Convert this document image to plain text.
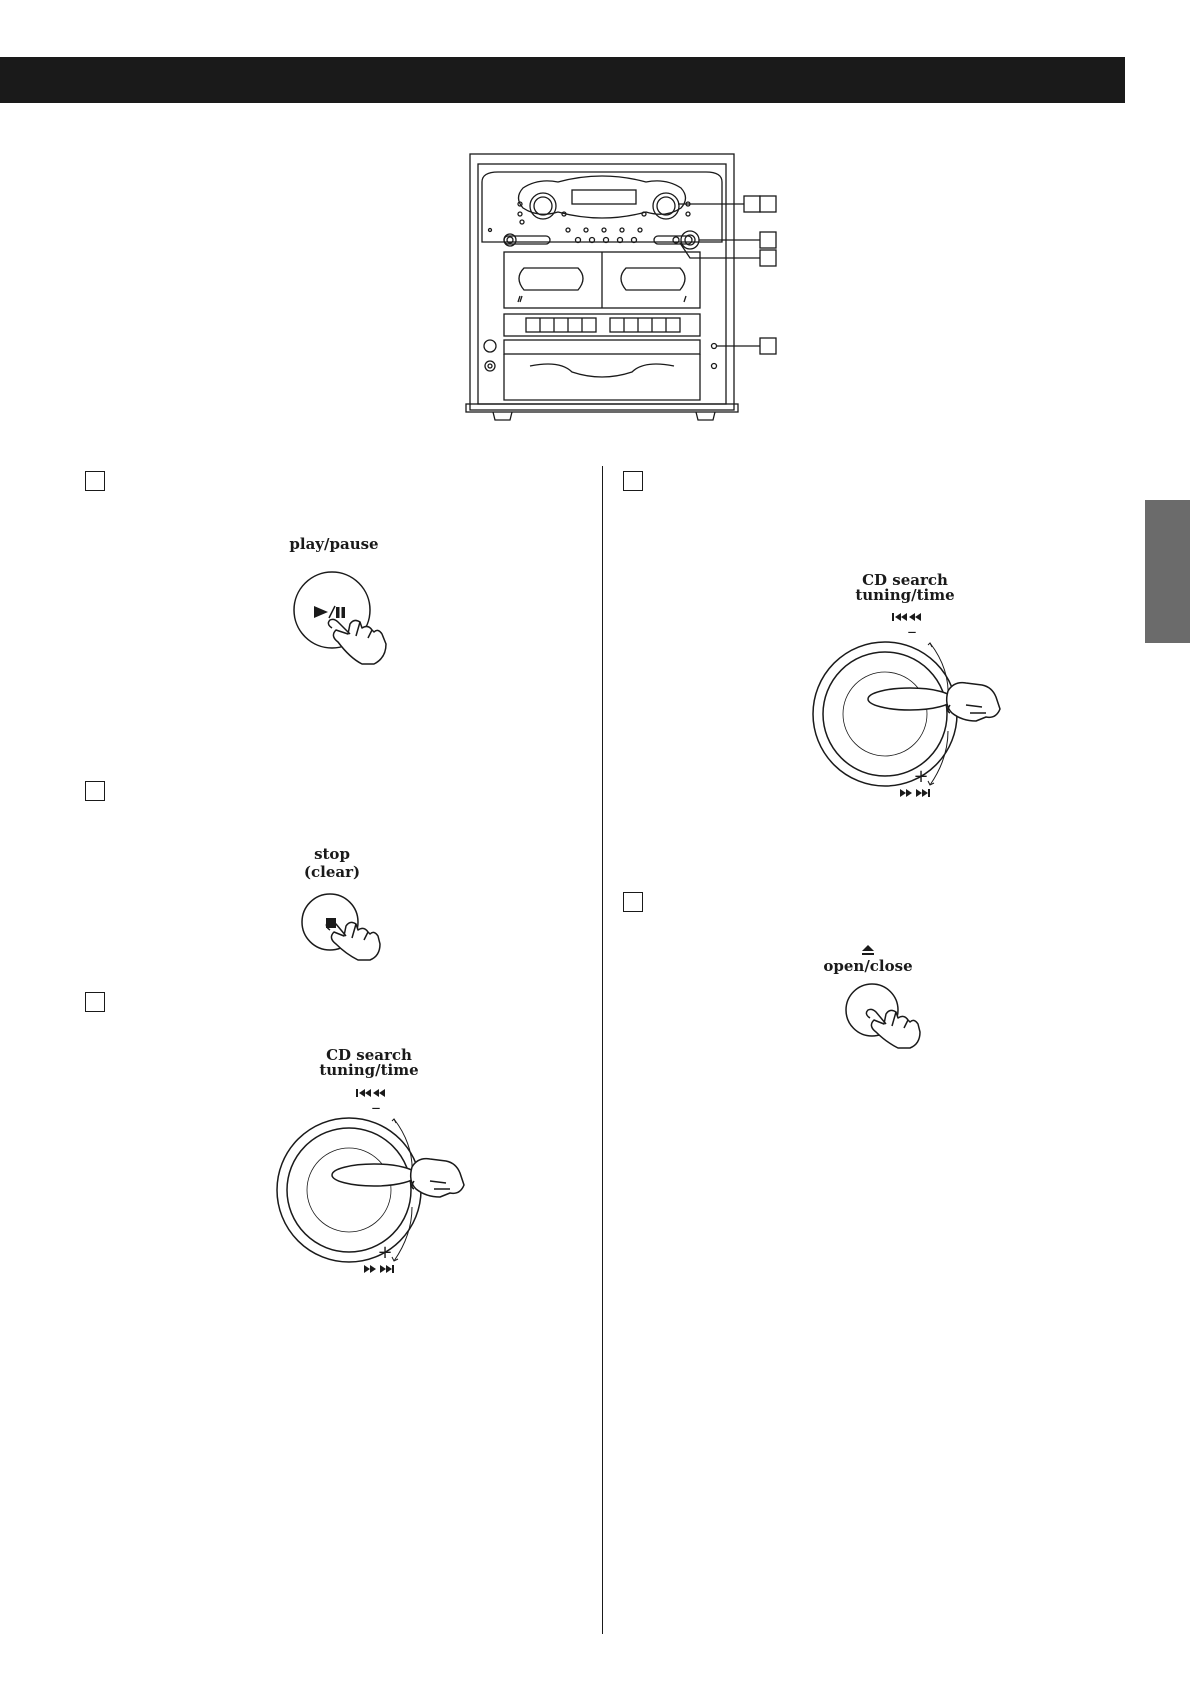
play/pause
stop
(clear)
CD search
tuning/time
–
+
CD search
tuning/time
–
+
open/close
